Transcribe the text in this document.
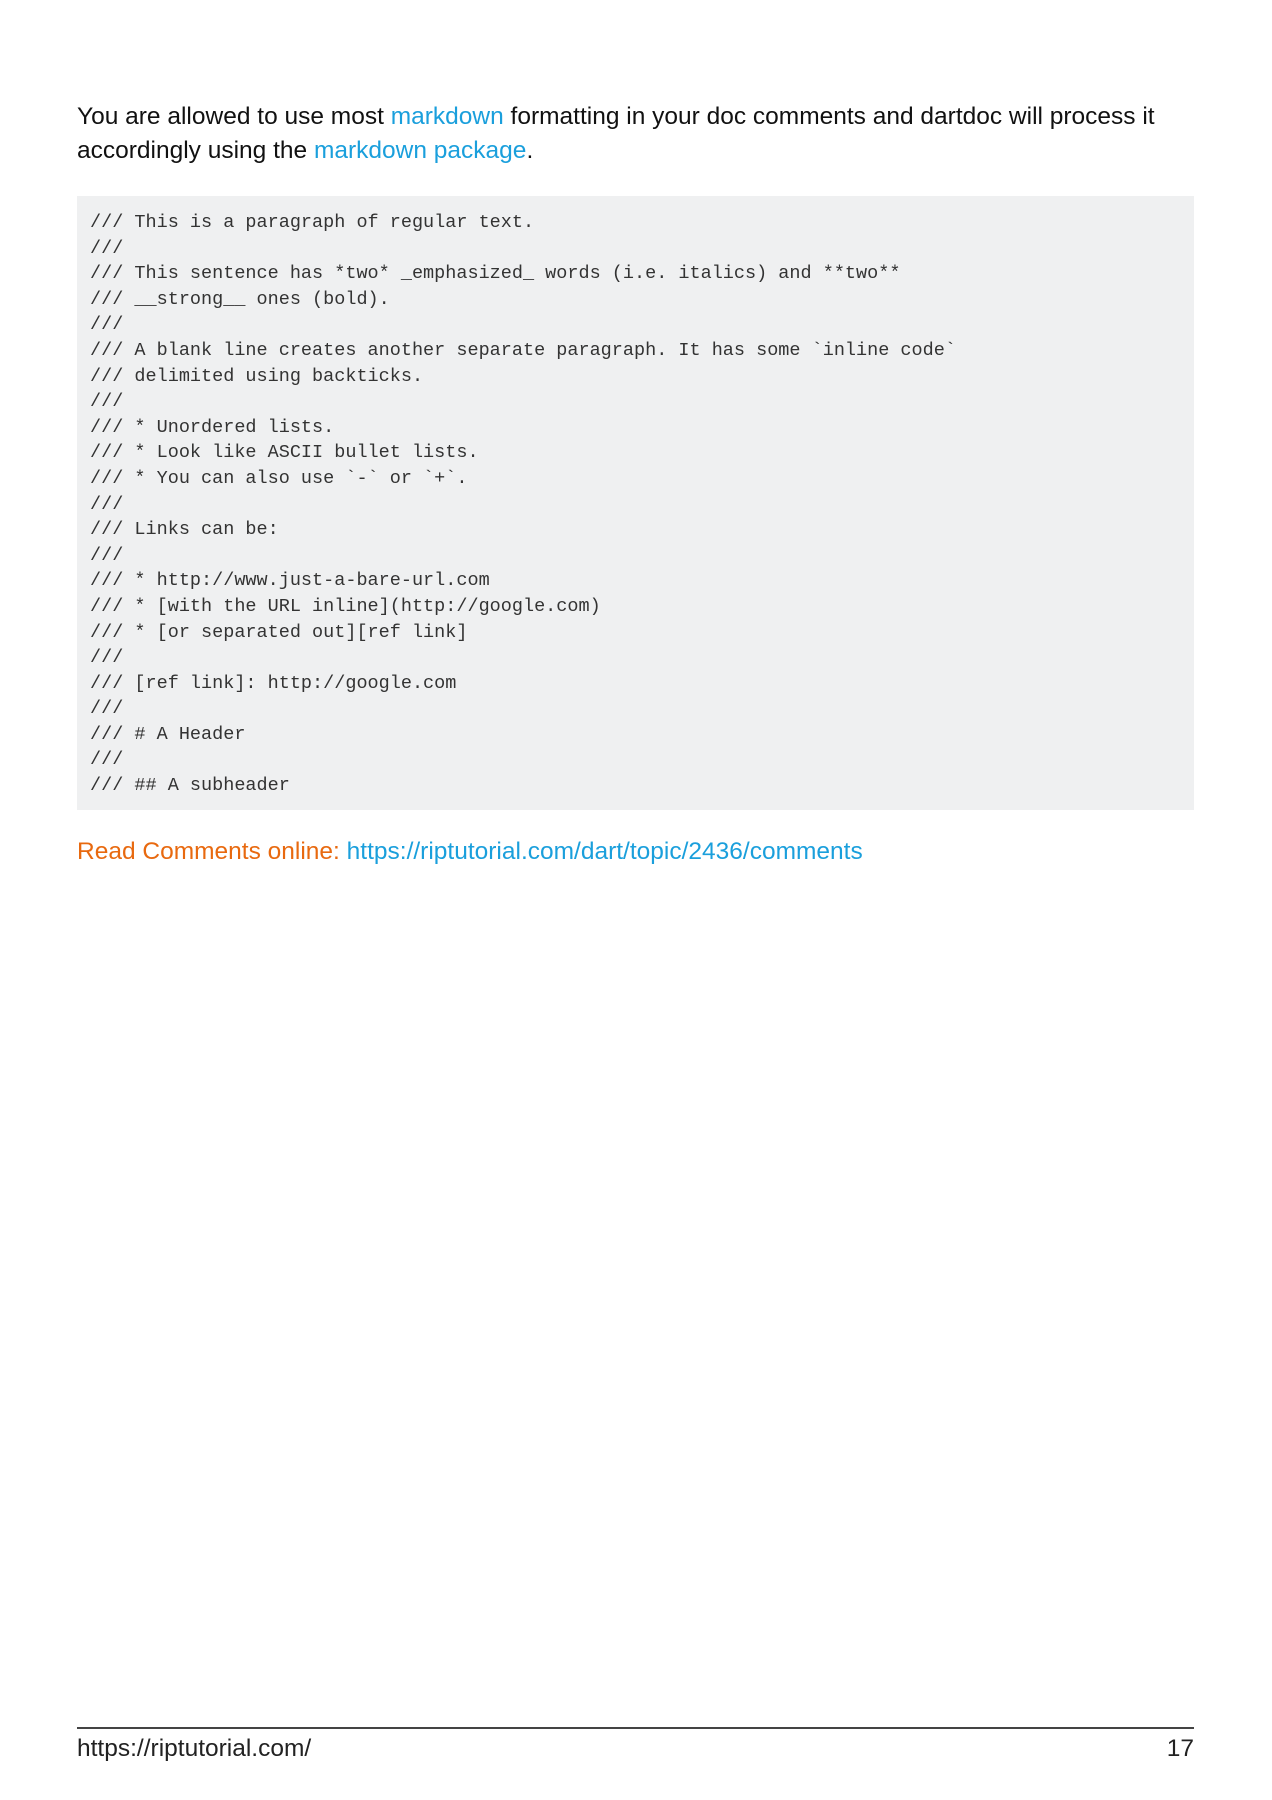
You are allowed to use most markdown formatting in your doc comments and dartdoc will process it accordingly using the markdown package.

/// This is a paragraph of regular text.
///
/// This sentence has *two* _emphasized_ words (i.e. italics) and **two**
/// __strong__ ones (bold).
///
/// A blank line creates another separate paragraph. It has some `inline code`
/// delimited using backticks.
///
/// * Unordered lists.
/// * Look like ASCII bullet lists.
/// * You can also use `-` or `+`.
///
/// Links can be:
///
/// * http://www.just-a-bare-url.com
/// * [with the URL inline](http://google.com)
/// * [or separated out][ref link]
///
/// [ref link]: http://google.com
///
/// # A Header
///
/// ## A subheader
Read Comments online: https://riptutorial.com/dart/topic/2436/comments
https://riptutorial.com/	17
